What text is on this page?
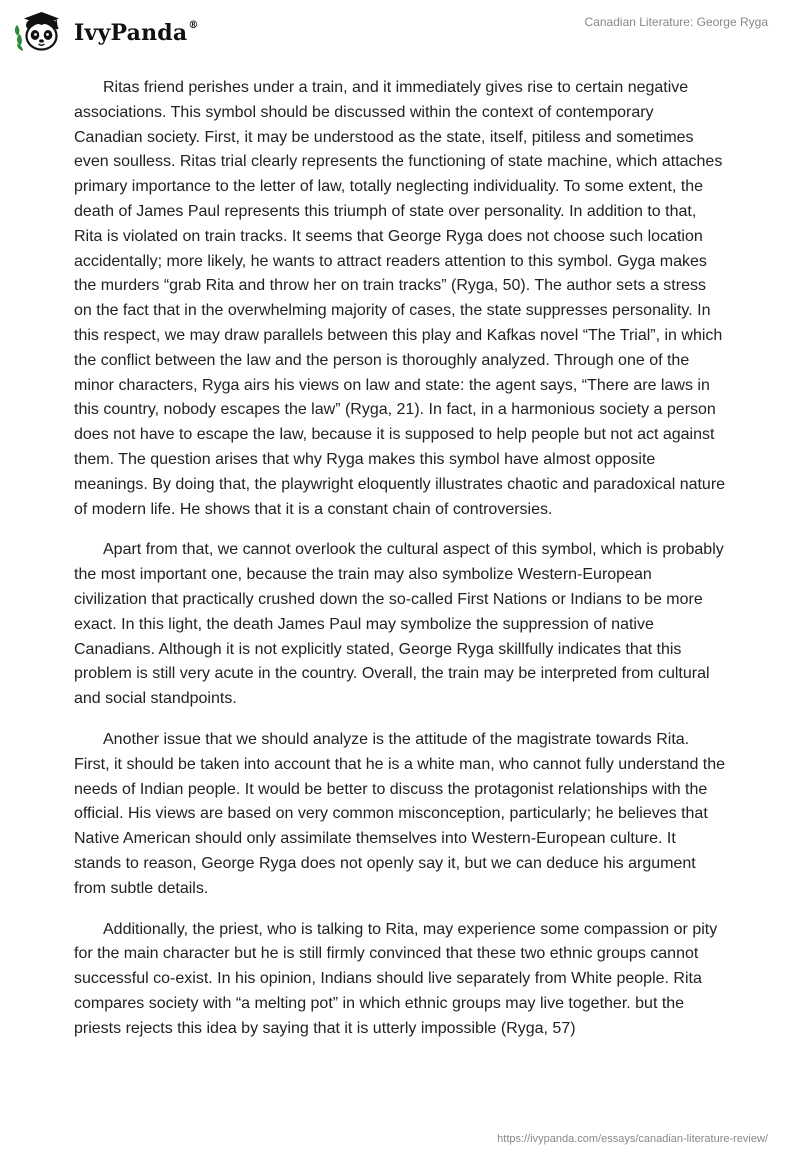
IvyPanda®	Canadian Literature: George Ryga

Ritas friend perishes under a train, and it immediately gives rise to certain negative associations. This symbol should be discussed within the context of contemporary Canadian society. First, it may be understood as the state, itself, pitiless and sometimes even soulless. Ritas trial clearly represents the functioning of state machine, which attaches primary importance to the letter of law, totally neglecting individuality. To some extent, the death of James Paul represents this triumph of state over personality. In addition to that, Rita is violated on train tracks. It seems that George Ryga does not choose such location accidentally; more likely, he wants to attract readers attention to this symbol. Gyga makes the murders “grab Rita and throw her on train tracks” (Ryga, 50). The author sets a stress on the fact that in the overwhelming majority of cases, the state suppresses personality. In this respect, we may draw parallels between this play and Kafkas novel “The Trial”, in which the conflict between the law and the person is thoroughly analyzed. Through one of the minor characters, Ryga airs his views on law and state: the agent says, “There are laws in this country, nobody escapes the law” (Ryga, 21). In fact, in a harmonious society a person does not have to escape the law, because it is supposed to help people but not act against them. The question arises that why Ryga makes this symbol have almost opposite meanings. By doing that, the playwright eloquently illustrates chaotic and paradoxical nature of modern life. He shows that it is a constant chain of controversies.

Apart from that, we cannot overlook the cultural aspect of this symbol, which is probably the most important one, because the train may also symbolize Western-European civilization that practically crushed down the so-called First Nations or Indians to be more exact. In this light, the death James Paul may symbolize the suppression of native Canadians. Although it is not explicitly stated, George Ryga skillfully indicates that this problem is still very acute in the country. Overall, the train may be interpreted from cultural and social standpoints.

Another issue that we should analyze is the attitude of the magistrate towards Rita. First, it should be taken into account that he is a white man, who cannot fully understand the needs of Indian people. It would be better to discuss the protagonist relationships with the official. His views are based on very common misconception, particularly; he believes that Native American should only assimilate themselves into Western-European culture. It stands to reason, George Ryga does not openly say it, but we can deduce his argument from subtle details.

Additionally, the priest, who is talking to Rita, may experience some compassion or pity for the main character but he is still firmly convinced that these two ethnic groups cannot successful co-exist. In his opinion, Indians should live separately from White people. Rita compares society with “a melting pot” in which ethnic groups may live together. but the priests rejects this idea by saying that it is utterly impossible (Ryga, 57)

https://ivypanda.com/essays/canadian-literature-review/
